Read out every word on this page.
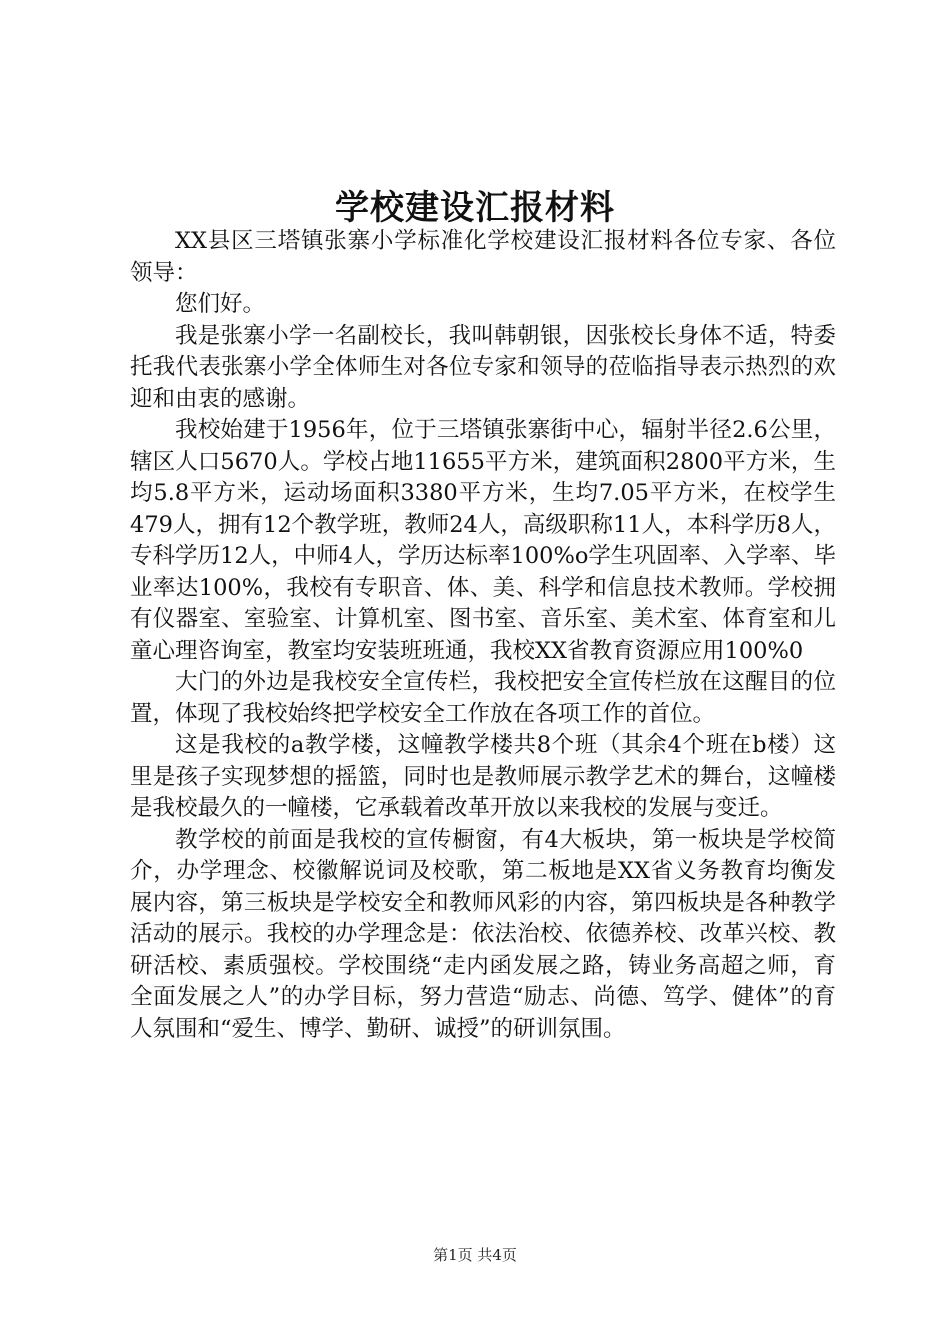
学校建设汇报材料

XX县区三塔镇张寨小学标准化学校建设汇报材料各位专家、各位领导：

您们好。

我是张寨小学一名副校长，我叫韩朝银，因张校长身体不适，特委托我代表张寨小学全体师生对各位专家和领导的莅临指导表示热烈的欢迎和由衷的感谢。

我校始建于1956年，位于三塔镇张寨街中心，辐射半径2.6公里，辖区人口5670人。学校占地11655平方米，建筑面积2800平方米，生均5.8平方米，运动场面积3380平方米，生均7.05平方米，在校学生479人，拥有12个教学班，教师24人，高级职称11人，本科学历8人，专科学历12人，中师4人，学历达标率100%o学生巩固率、入学率、毕业率达100%，我校有专职音、体、美、科学和信息技术教师。学校拥有仪器室、室验室、计算机室、图书室、音乐室、美术室、体育室和儿童心理咨询室，教室均安装班班通，我校XX省教育资源应用100%0

大门的外边是我校安全宣传栏，我校把安全宣传栏放在这醒目的位置，体现了我校始终把学校安全工作放在各项工作的首位。

这是我校的a教学楼，这幢教学楼共8个班（其余4个班在b楼）这里是孩子实现梦想的摇篮，同时也是教师展示教学艺术的舞台，这幢楼是我校最久的一幢楼，它承载着改革开放以来我校的发展与变迁。

教学校的前面是我校的宣传橱窗，有4大板块，第一板块是学校简介，办学理念、校徽解说词及校歌，第二板地是XX省义务教育均衡发展内容，第三板块是学校安全和教师风彩的内容，第四板块是各种教学活动的展示。我校的办学理念是：依法治校、依德养校、改革兴校、教研活校、素质强校。学校围绕“走内函发展之路，铸业务高超之师，育全面发展之人”的办学目标，努力营造“励志、尚德、笃学、健体”的育人氛围和“爱生、博学、勤研、诚授”的研训氛围。

第1页 共4页
